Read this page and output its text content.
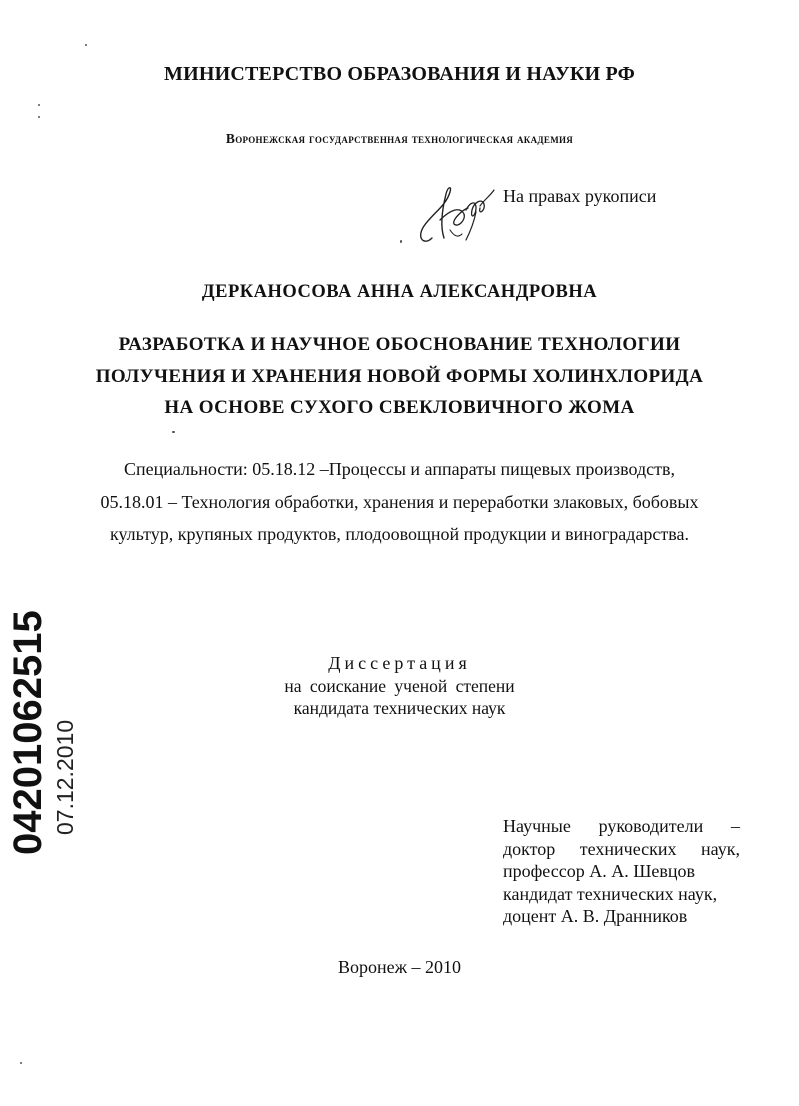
МИНИСТЕРСТВО ОБРАЗОВАНИЯ И НАУКИ РФ
Воронежская государственная технологическая академия
На правах рукописи
ДЕРКАНОСОВА АННА АЛЕКСАНДРОВНА
РАЗРАБОТКА И НАУЧНОЕ ОБОСНОВАНИЕ ТЕХНОЛОГИИ
ПОЛУЧЕНИЯ И ХРАНЕНИЯ НОВОЙ ФОРМЫ ХОЛИНХЛОРИДА
НА ОСНОВЕ СУХОГО СВЕКЛОВИЧНОГО ЖОМА
Специальности: 05.18.12 –Процессы и аппараты пищевых производств,
05.18.01 – Технология обработки, хранения и переработки злаковых, бобовых
культур, крупяных продуктов, плодоовощной продукции и виноградарства.
Диссертация
на соискание ученой степени
кандидата технических наук
Научные руководители –
доктор технических наук,
профессор А. А. Шевцов
кандидат технических наук,
доцент А. В. Дранников
Воронеж – 2010
04201062515 07.12.2010
